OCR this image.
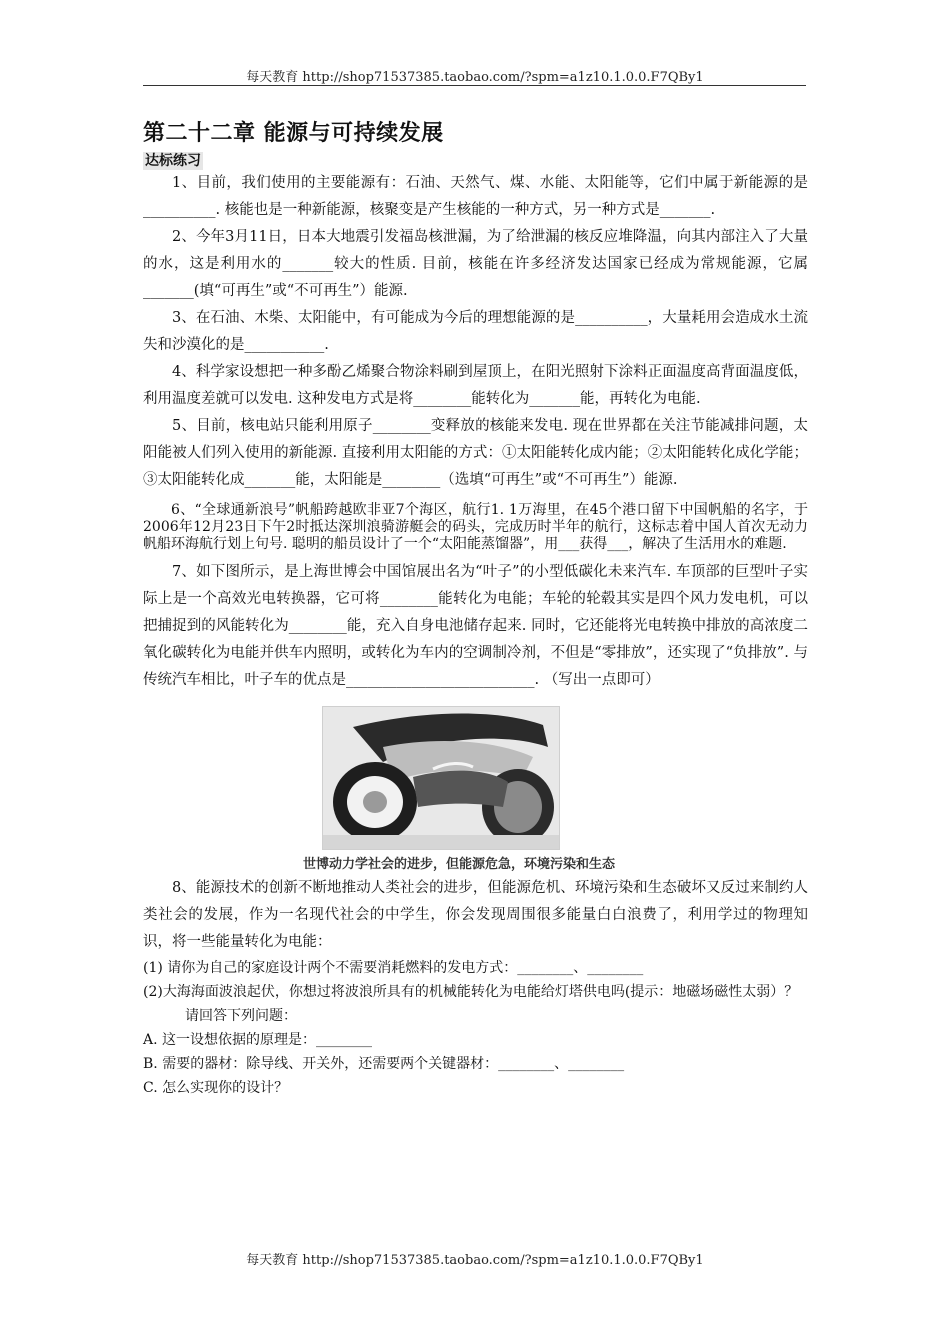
每天教育 http://shop71537385.taobao.com/?spm=a1z10.1.0.0.F7QBy1
第二十二章 能源与可持续发展

达标练习

1、目前，我们使用的主要能源有：石油、天然气、煤、水能、太阳能等，它们中属于新能源的是__________. 核能也是一种新能源，核聚变是产生核能的一种方式，另一种方式是_______.

2、今年3月11日，日本大地震引发福岛核泄漏，为了给泄漏的核反应堆降温，向其内部注入了大量的水，这是利用水的_______较大的性质. 目前，核能在许多经济发达国家已经成为常规能源，它属_______(填“可再生”或“不可再生”）能源.

3、在石油、木柴、太阳能中，有可能成为今后的理想能源的是__________，大量耗用会造成水土流失和沙漠化的是___________.

4、科学家设想把一种多酚乙烯聚合物涂料刷到屋顶上，在阳光照射下涂料正面温度高背面温度低，利用温度差就可以发电. 这种发电方式是将________能转化为_______能，再转化为电能.

5、目前，核电站只能利用原子________变释放的核能来发电. 现在世界都在关注节能减排问题，太阳能被人们列入使用的新能源. 直接利用太阳能的方式：①太阳能转化成内能；②太阳能转化成化学能；③太阳能转化成_______能，太阳能是________（选填“可再生”或“不可再生”）能源.

6、“全球通新浪号”帆船跨越欧非亚7个海区，航行1. 1万海里，在45个港口留下中国帆船的名字，于2006年12月23日下午2时抵达深圳浪骑游艇会的码头，完成历时半年的航行，这标志着中国人首次无动力帆船环海航行划上句号. 聪明的船员设计了一个“太阳能蒸馏器”，用___获得___，解决了生活用水的难题.

7、如下图所示，是上海世博会中国馆展出名为“叶子”的小型低碳化未来汽车. 车顶部的巨型叶子实际上是一个高效光电转换器，它可将________能转化为电能；车轮的轮毂其实是四个风力发电机，可以把捕捉到的风能转化为________能，充入自身电池储存起来. 同时，它还能将光电转换中排放的高浓度二氧化碳转化为电能并供车内照明，或转化为车内的空调制冷剂，不但是“零排放”，还实现了“负排放”. 与传统汽车相比，叶子车的优点是__________________________. （写出一点即可）

世博动力学社会的进步，但能源危急，环境污染和生态

8、能源技术的创新不断地推动人类社会的进步，但能源危机、环境污染和生态破坏又反过来制约人类社会的发展，作为一名现代社会的中学生，你会发现周围很多能量白白浪费了，利用学过的物理知识，将一些能量转化为电能：

(1) 请你为自己的家庭设计两个不需要消耗燃料的发电方式：________、________

(2)大海海面波浪起伏，你想过将波浪所具有的机械能转化为电能给灯塔供电吗(提示：地磁场磁性太弱）？请回答下列问题：

A. 这一设想依据的原理是：________

B. 需要的器材：除导线、开关外，还需要两个关键器材：________、________

C. 怎么实现你的设计？

每天教育 http://shop71537385.taobao.com/?spm=a1z10.1.0.0.F7QBy1
